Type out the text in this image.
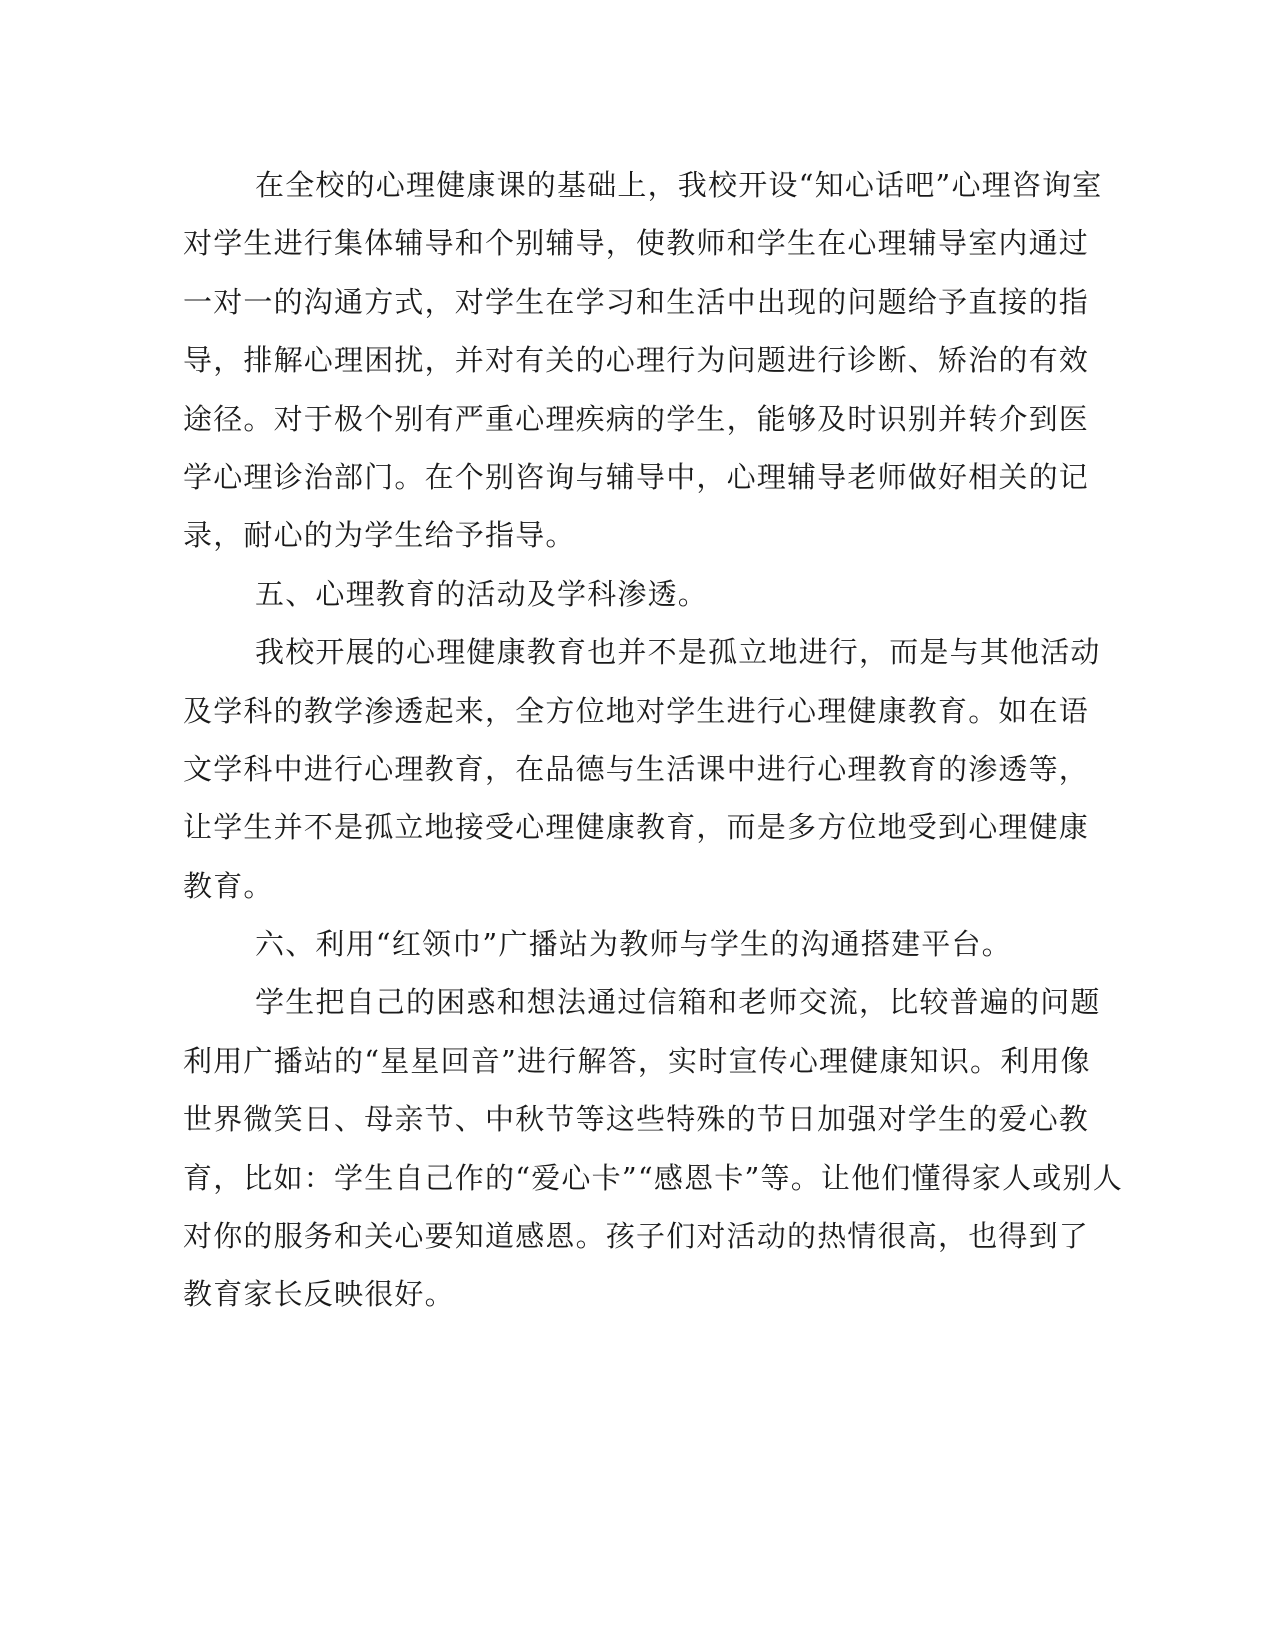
在全校的心理健康课的基础上，我校开设“知心话吧”心理咨询室
对学生进行集体辅导和个别辅导，使教师和学生在心理辅导室内通过
一对一的沟通方式，对学生在学习和生活中出现的问题给予直接的指
导，排解心理困扰，并对有关的心理行为问题进行诊断、矫治的有效
途径。对于极个别有严重心理疾病的学生，能够及时识别并转介到医
学心理诊治部门。在个别咨询与辅导中，心理辅导老师做好相关的记
录，耐心的为学生给予指导。
五、心理教育的活动及学科渗透。
我校开展的心理健康教育也并不是孤立地进行，而是与其他活动
及学科的教学渗透起来，全方位地对学生进行心理健康教育。如在语
文学科中进行心理教育，在品德与生活课中进行心理教育的渗透等，
让学生并不是孤立地接受心理健康教育，而是多方位地受到心理健康
教育。
六、利用“红领巾”广播站为教师与学生的沟通搭建平台。
学生把自己的困惑和想法通过信箱和老师交流，比较普遍的问题
利用广播站的“星星回音”进行解答，实时宣传心理健康知识。利用像
世界微笑日、母亲节、中秋节等这些特殊的节日加强对学生的爱心教
育，比如：学生自己作的“爱心卡”“感恩卡”等。让他们懂得家人或别人
对你的服务和关心要知道感恩。孩子们对活动的热情很高，也得到了
教育家长反映很好。
